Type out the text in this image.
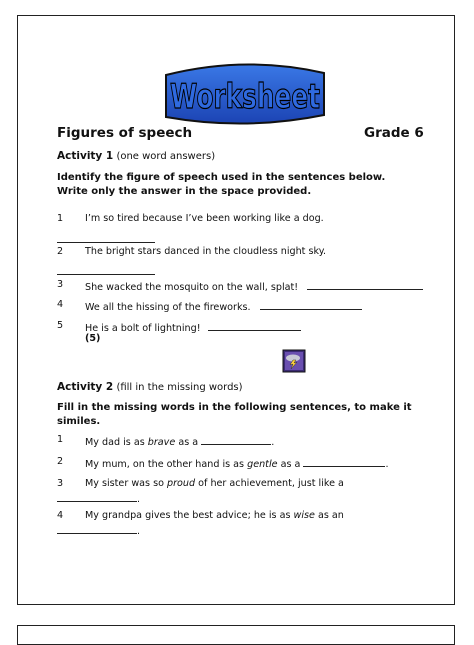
Worksheet
Figures of speech	Grade 6
Activity 1 (one word answers)
Identify the figure of speech used in the sentences below. Write only the answer in the space provided.
1	I’m so tired because I’ve been working like a dog.
2	The bright stars danced in the cloudless night sky.
3	She wacked the mosquito on the wall, splat!
4	We all the hissing of the fireworks.
5	He is a bolt of lightning!
(5)
Activity 2 (fill in the missing words)
Fill in the missing words in the following sentences, to make it similes.
1	My dad is as brave as a	.
2	My mum, on the other hand is as gentle as a	.
3	My sister was so proud of her achievement, just like a
.
4	My grandpa gives the best advice; he is as wise as an
.
